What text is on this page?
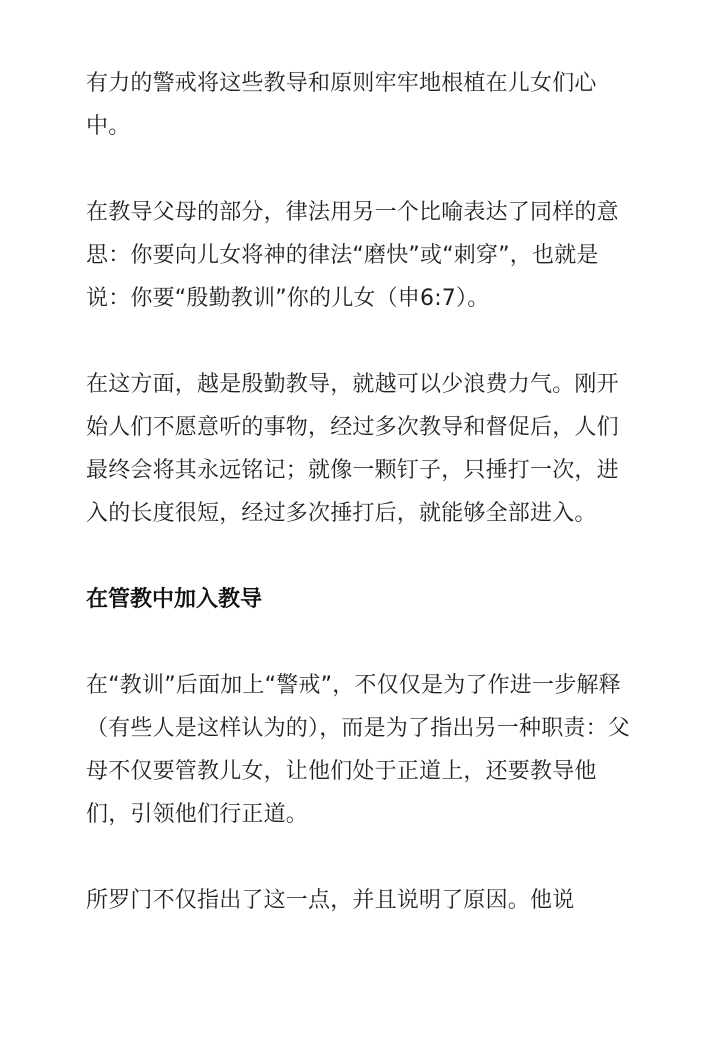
有力的警戒将这些教导和原则牢牢地根植在儿女们心中。

在教导父母的部分，律法用另一个比喻表达了同样的意思：你要向儿女将神的律法“磨快”或“刺穿”，也就是说：你要“殷勤教训”你的儿女（申6:7）。

在这方面，越是殷勤教导，就越可以少浪费力气。刚开始人们不愿意听的事物，经过多次教导和督促后，人们最终会将其永远铭记；就像一颗钉子，只捶打一次，进入的长度很短，经过多次捶打后，就能够全部进入。

在管教中加入教导

在“教训”后面加上“警戒”，不仅仅是为了作进一步解释（有些人是这样认为的），而是为了指出另一种职责：父母不仅要管教儿女，让他们处于正道上，还要教导他们，引领他们行正道。

所罗门不仅指出了这一点，并且说明了原因。他说
